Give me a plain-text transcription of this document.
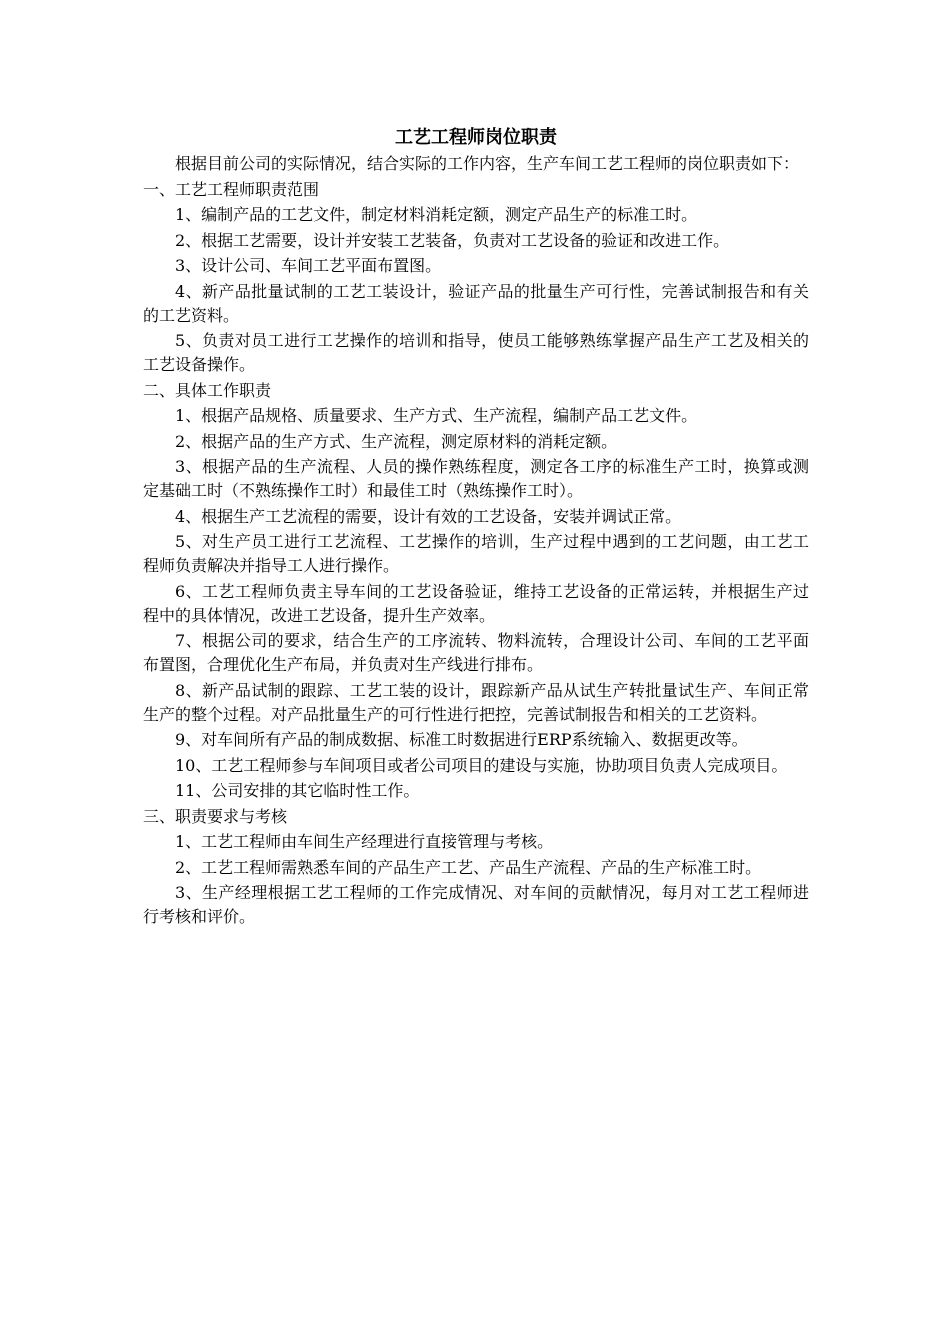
工艺工程师岗位职责

根据目前公司的实际情况，结合实际的工作内容，生产车间工艺工程师的岗位职责如下：

一、工艺工程师职责范围

1、编制产品的工艺文件，制定材料消耗定额，测定产品生产的标准工时。

2、根据工艺需要，设计并安装工艺装备，负责对工艺设备的验证和改进工作。

3、设计公司、车间工艺平面布置图。

4、新产品批量试制的工艺工装设计，验证产品的批量生产可行性，完善试制报告和有关的工艺资料。

5、负责对员工进行工艺操作的培训和指导，使员工能够熟练掌握产品生产工艺及相关的工艺设备操作。

二、具体工作职责

1、根据产品规格、质量要求、生产方式、生产流程，编制产品工艺文件。

2、根据产品的生产方式、生产流程，测定原材料的消耗定额。

3、根据产品的生产流程、人员的操作熟练程度，测定各工序的标准生产工时，换算或测定基础工时（不熟练操作工时）和最佳工时（熟练操作工时）。

4、根据生产工艺流程的需要，设计有效的工艺设备，安装并调试正常。

5、对生产员工进行工艺流程、工艺操作的培训，生产过程中遇到的工艺问题，由工艺工程师负责解决并指导工人进行操作。

6、工艺工程师负责主导车间的工艺设备验证，维持工艺设备的正常运转，并根据生产过程中的具体情况，改进工艺设备，提升生产效率。

7、根据公司的要求，结合生产的工序流转、物料流转，合理设计公司、车间的工艺平面布置图，合理优化生产布局，并负责对生产线进行排布。

8、新产品试制的跟踪、工艺工装的设计，跟踪新产品从试生产转批量试生产、车间正常生产的整个过程。对产品批量生产的可行性进行把控，完善试制报告和相关的工艺资料。

9、对车间所有产品的制成数据、标准工时数据进行ERP系统输入、数据更改等。

10、工艺工程师参与车间项目或者公司项目的建设与实施，协助项目负责人完成项目。

11、公司安排的其它临时性工作。

三、职责要求与考核

1、工艺工程师由车间生产经理进行直接管理与考核。

2、工艺工程师需熟悉车间的产品生产工艺、产品生产流程、产品的生产标准工时。

3、生产经理根据工艺工程师的工作完成情况、对车间的贡献情况，每月对工艺工程师进行考核和评价。
